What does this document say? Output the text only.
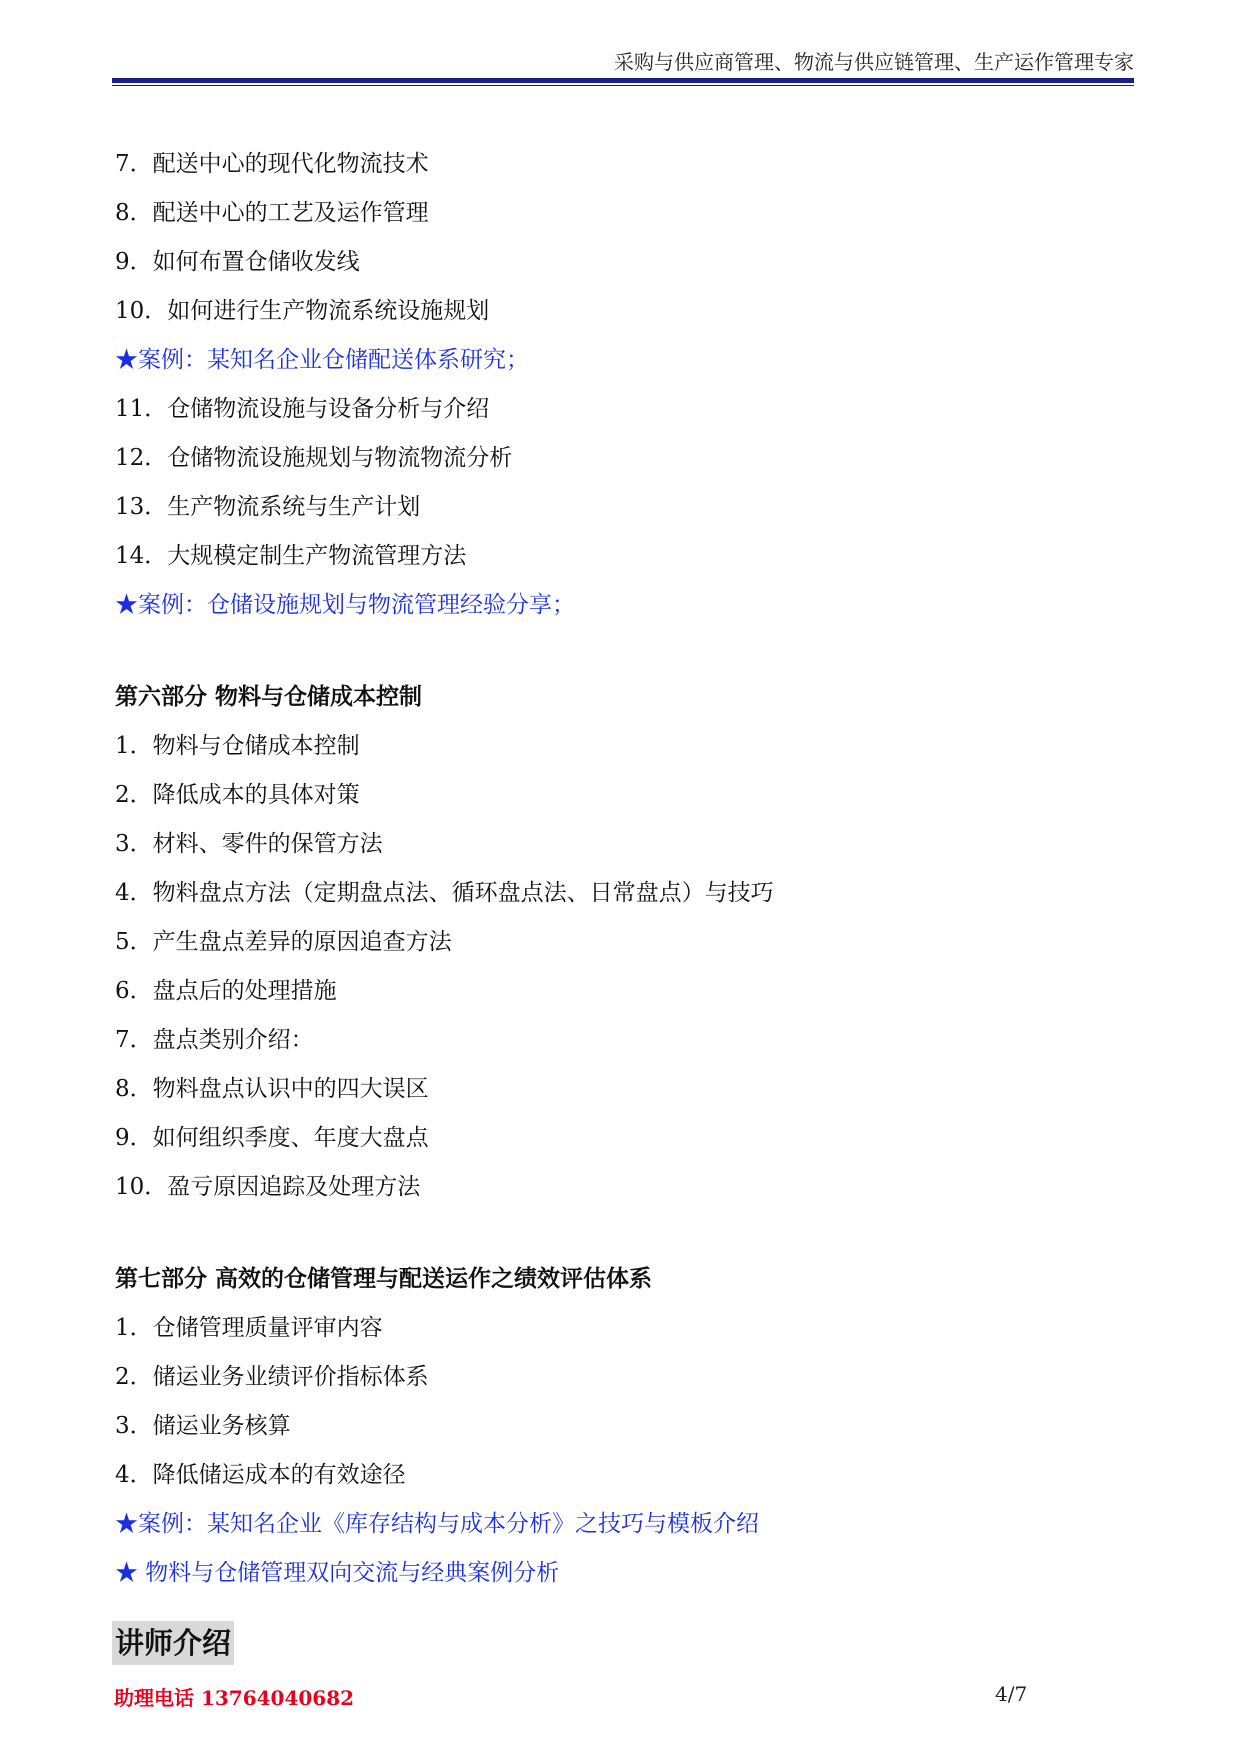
采购与供应商管理、物流与供应链管理、生产运作管理专家
7．配送中心的现代化物流技术
8．配送中心的工艺及运作管理
9．如何布置仓储收发线
10．如何进行生产物流系统设施规划
★案例：某知名企业仓储配送体系研究；
11．仓储物流设施与设备分析与介绍
12．仓储物流设施规划与物流物流分析
13．生产物流系统与生产计划
14．大规模定制生产物流管理方法
★案例：仓储设施规划与物流管理经验分享；
第六部分 物料与仓储成本控制
1．物料与仓储成本控制
2．降低成本的具体对策
3．材料、零件的保管方法
4．物料盘点方法（定期盘点法、循环盘点法、日常盘点）与技巧
5．产生盘点差异的原因追查方法
6．盘点后的处理措施
7．盘点类别介绍：
8．物料盘点认识中的四大误区
9．如何组织季度、年度大盘点
10．盈亏原因追踪及处理方法
第七部分 高效的仓储管理与配送运作之绩效评估体系
1．仓储管理质量评审内容
2．储运业务业绩评价指标体系
3．储运业务核算
4．降低储运成本的有效途径
★案例：某知名企业《库存结构与成本分析》之技巧与模板介绍
★ 物料与仓储管理双向交流与经典案例分析
讲师介绍
助理电话 13764040682	4/7
